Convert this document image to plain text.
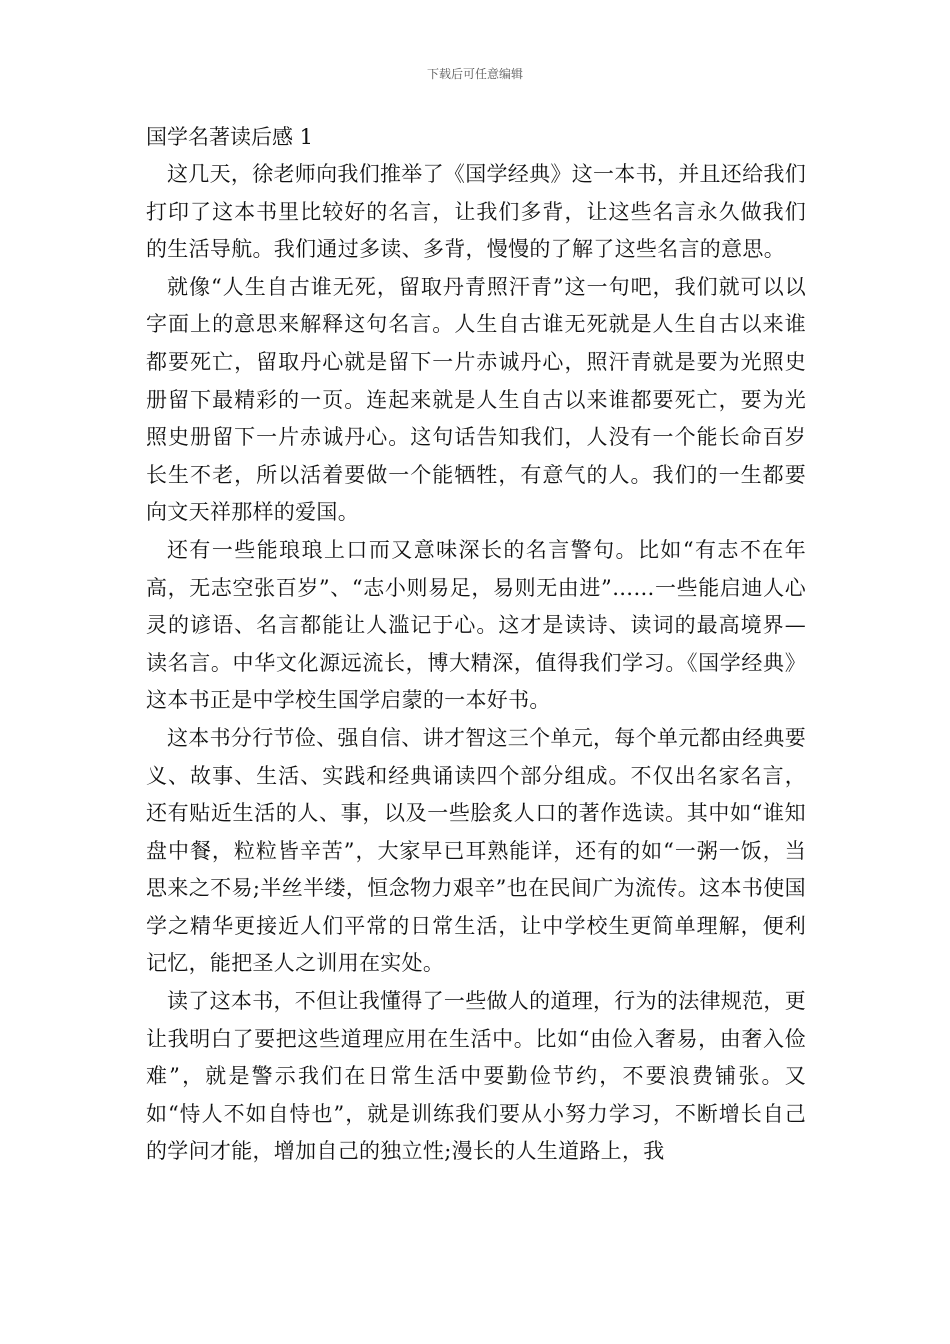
下载后可任意编辑
国学名著读后感 1

这几天，徐老师向我们推举了《国学经典》这一本书，并且还给我们打印了这本书里比较好的名言，让我们多背，让这些名言永久做我们的生活导航。我们通过多读、多背，慢慢的了解了这些名言的意思。

就像“人生自古谁无死，留取丹青照汗青”这一句吧，我们就可以以字面上的意思来解释这句名言。人生自古谁无死就是人生自古以来谁都要死亡，留取丹心就是留下一片赤诚丹心，照汗青就是要为光照史册留下最精彩的一页。连起来就是人生自古以来谁都要死亡，要为光照史册留下一片赤诚丹心。这句话告知我们，人没有一个能长命百岁长生不老，所以活着要做一个能牺牲，有意气的人。我们的一生都要向文天祥那样的爱国。

还有一些能琅琅上口而又意味深长的名言警句。比如“有志不在年高，无志空张百岁”、“志小则易足，易则无由进”……一些能启迪人心灵的谚语、名言都能让人滥记于心。这才是读诗、读词的最高境界—读名言。中华文化源远流长，博大精深，值得我们学习。《国学经典》这本书正是中学校生国学启蒙的一本好书。

这本书分行节俭、强自信、讲才智这三个单元，每个单元都由经典要义、故事、生活、实践和经典诵读四个部分组成。不仅出名家名言，还有贴近生活的人、事，以及一些脍炙人口的著作选读。其中如“谁知盘中餐，粒粒皆辛苦”，大家早已耳熟能详，还有的如“一粥一饭，当思来之不易;半丝半缕，恒念物力艰辛”也在民间广为流传。这本书使国学之精华更接近人们平常的日常生活，让中学校生更简单理解，便利记忆，能把圣人之训用在实处。

读了这本书，不但让我懂得了一些做人的道理，行为的法律规范，更让我明白了要把这些道理应用在生活中。比如“由俭入奢易，由奢入俭难”，就是警示我们在日常生活中要勤俭节约，不要浪费铺张。又如“恃人不如自恃也”，就是训练我们要从小努力学习，不断增长自己的学问才能，增加自己的独立性;漫长的人生道路上，我
